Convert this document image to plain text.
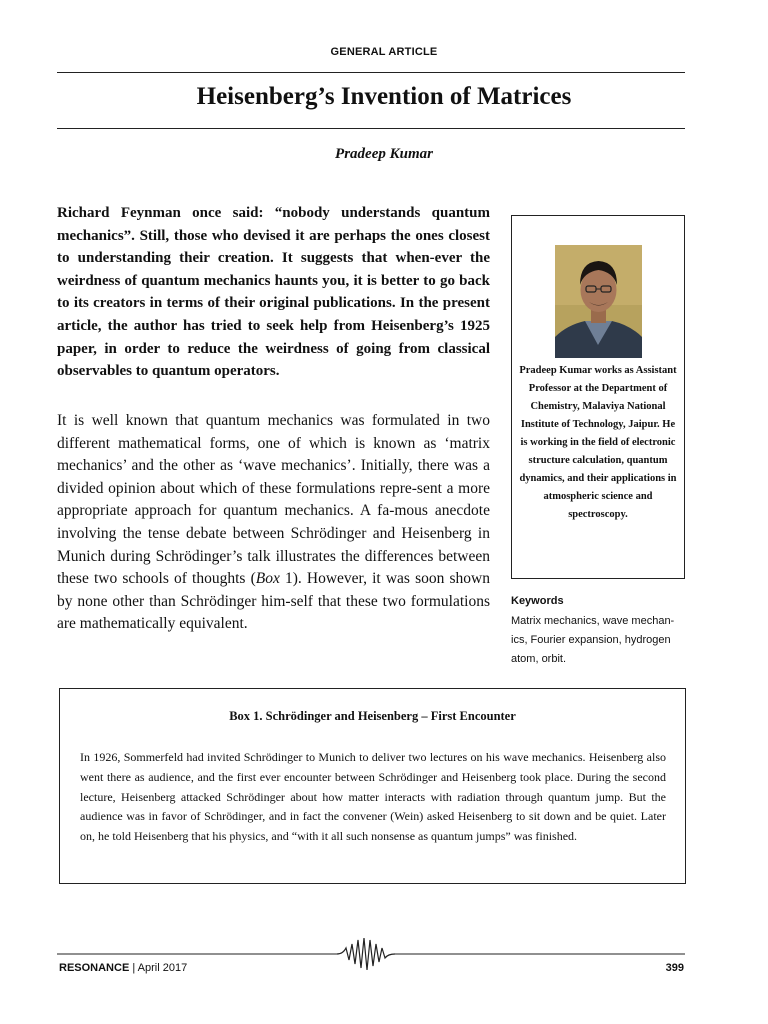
GENERAL ARTICLE
Heisenberg’s Invention of Matrices
Pradeep Kumar

Richard Feynman once said: “nobody understands quantum mechanics”. Still, those who devised it are perhaps the ones closest to understanding their creation. It suggests that when-ever the weirdness of quantum mechanics haunts you, it is better to go back to its creators in terms of their original publications. In the present article, the author has tried to seek help from Heisenberg’s 1925 paper, in order to reduce the weirdness of going from classical observables to quantum operators.

It is well known that quantum mechanics was formulated in two different mathematical forms, one of which is known as ‘matrix mechanics’ and the other as ‘wave mechanics’. Initially, there was a divided opinion about which of these formulations repre-sent a more appropriate approach for quantum mechanics. A fa-mous anecdote involving the tense debate between Schrödinger and Heisenberg in Munich during Schrödinger’s talk illustrates the differences between these two schools of thoughts (Box 1). However, it was soon shown by none other than Schrödinger him-self that these two formulations are mathematically equivalent.

Pradeep Kumar works as Assistant Professor at the Department of Chemistry, Malaviya National Institute of Technology, Jaipur. He is working in the field of electronic structure calculation, quantum dynamics, and their applications in atmospheric science and spectroscopy.

Keywords

Matrix mechanics, wave mechan-ics, Fourier expansion, hydrogen atom, orbit.

Box 1. Schrödinger and Heisenberg – First Encounter

In 1926, Sommerfeld had invited Schrödinger to Munich to deliver two lectures on his wave mechanics. Heisenberg also went there as audience, and the first ever encounter between Schrödinger and Heisenberg took place. During the second lecture, Heisenberg attacked Schrödinger about how matter interacts with radiation through quantum jump. But the audience was in favor of Schrödinger, and in fact the convener (Wein) asked Heisenberg to sit down and be quiet. Later on, he told Heisenberg that his physics, and “with it all such nonsense as quantum jumps” was finished.

RESONANCE | April 2017	399
